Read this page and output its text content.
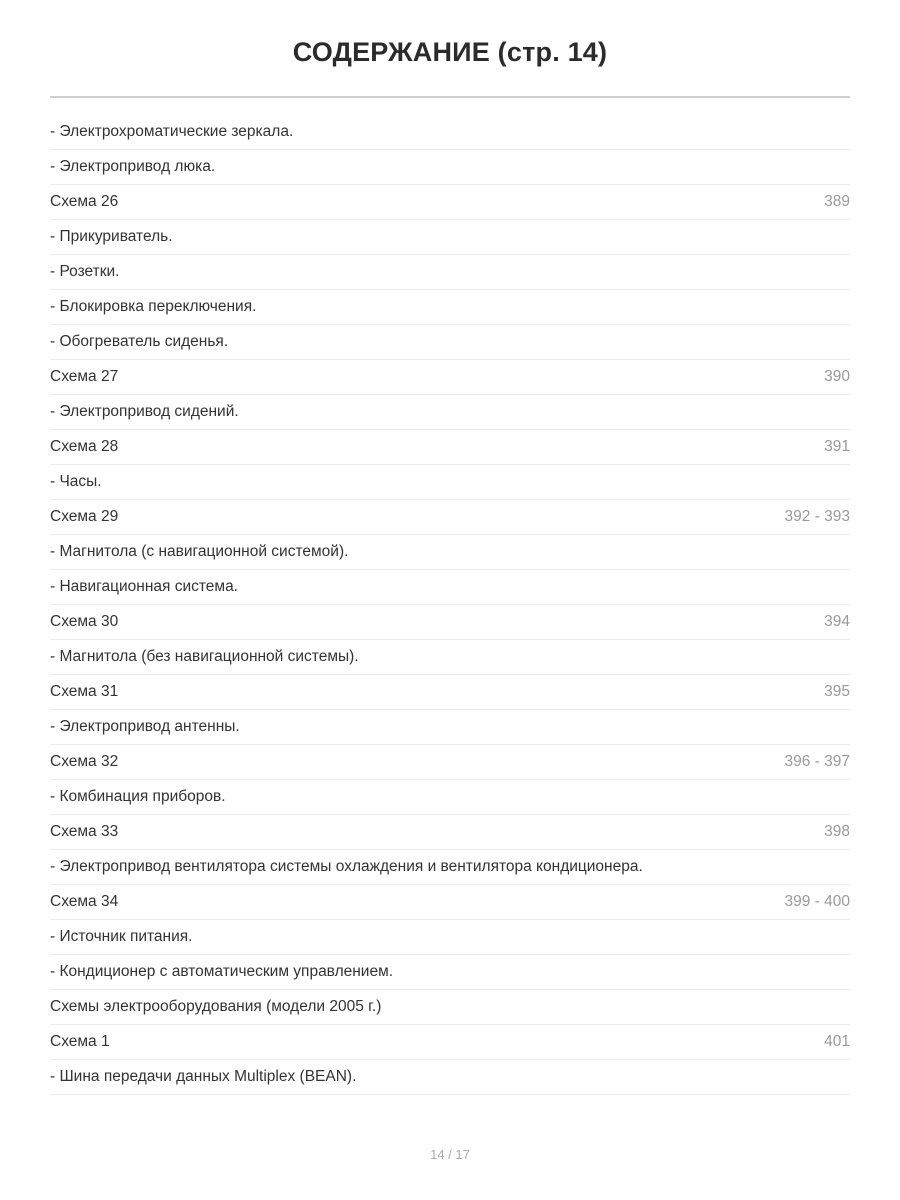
СОДЕРЖАНИЕ (стр. 14)
- Электрохроматические зеркала.	
- Электропривод люка.	
Схема 26	389
- Прикуриватель.	
- Розетки.	
- Блокировка переключения.	
- Обогреватель сиденья.	
Схема 27	390
- Электропривод сидений.	
Схема 28	391
- Часы.	
Схема 29	392 - 393
- Магнитола (с навигационной системой).	
- Навигационная система.	
Схема 30	394
- Магнитола (без навигационной системы).	
Схема 31	395
- Электропривод антенны.	
Схема 32	396 - 397
- Комбинация приборов.	
Схема 33	398
- Электропривод вентилятора системы охлаждения и вентилятора кондиционера.	
Схема 34	399 - 400
- Источник питания.	
- Кондиционер с автоматическим управлением.	
Схемы электрооборудования (модели 2005 г.)	
Схема 1	401
- Шина передачи данных Multiplex (BEAN).	
14 / 17
